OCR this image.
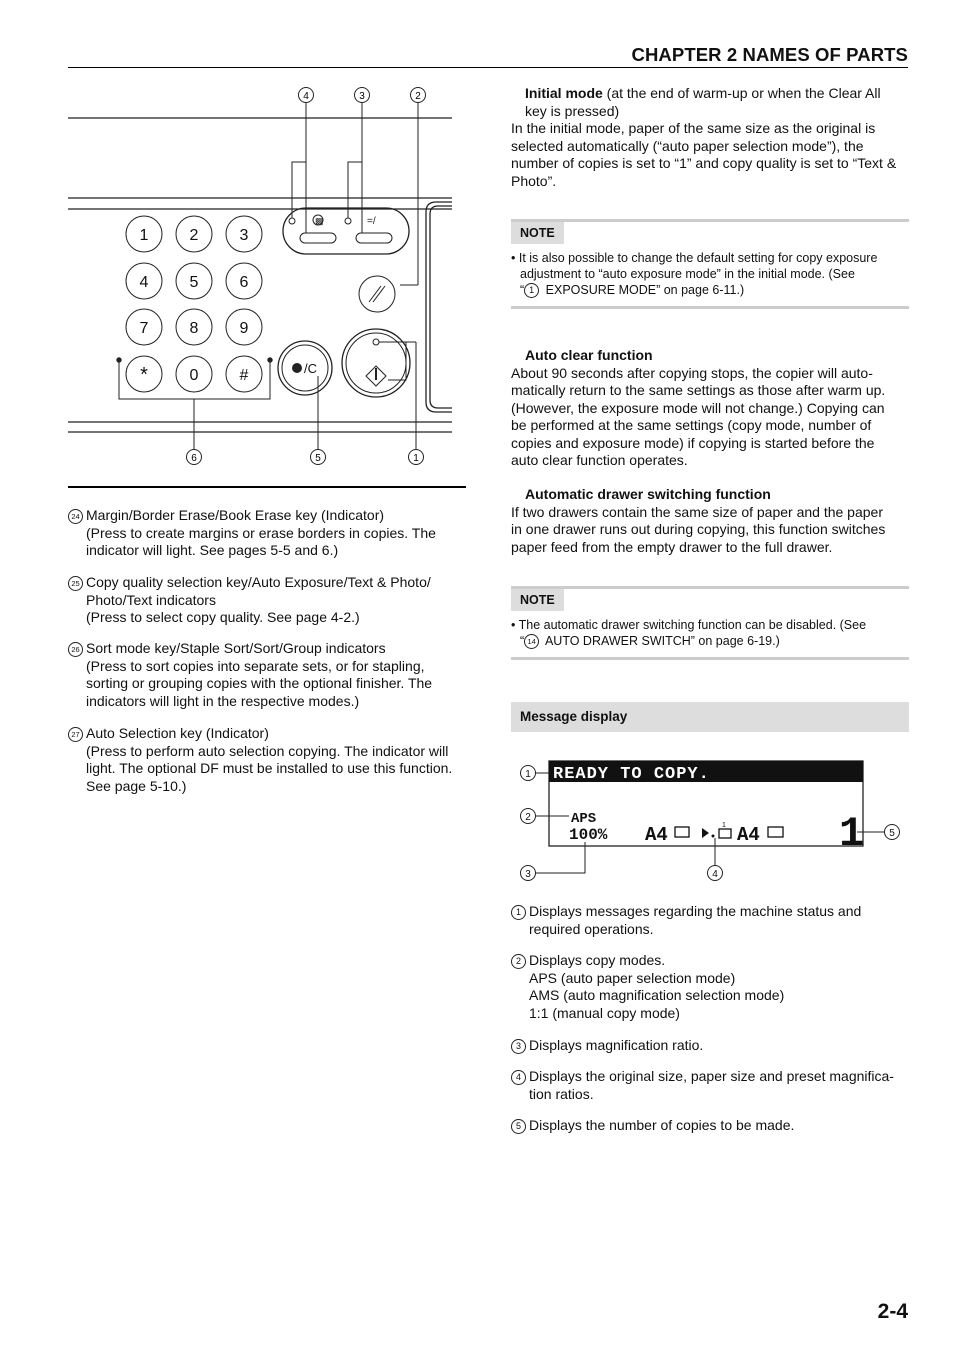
CHAPTER 2 NAMES OF PARTS
4	3	2
▩	=/
1	2	3
4	5	6
7	8	9
*	0	#	/C
6	5	1
24 Margin/Border Erase/Book Erase key (Indicator)
(Press to create margins or erase borders in copies. The
indicator will light. See pages 5-5 and 6.)
25 Copy quality selection key/Auto Exposure/Text & Photo/
Photo/Text indicators
(Press to select copy quality. See page 4-2.)
26 Sort mode key/Staple Sort/Sort/Group indicators
(Press to sort copies into separate sets, or for stapling,
sorting or grouping copies with the optional finisher. The
indicators will light in the respective modes.)
27 Auto Selection key (Indicator)
(Press to perform auto selection copying. The indicator will
light. The optional DF must be installed to use this function.
See page 5-10.)
Initial mode (at the end of warm-up or when the Clear All
key is pressed)
In the initial mode, paper of the same size as the original is
selected automatically (“auto paper selection mode”), the
number of copies is set to “1” and copy quality is set to “Text &
Photo”.
NOTE
• It is also possible to change the default setting for copy exposure
adjustment to “auto exposure mode” in the initial mode. (See
“ 1 EXPOSURE MODE” on page 6-11.)
Auto clear function
About 90 seconds after copying stops, the copier will auto-
matically return to the same settings as those after warm up.
(However, the exposure mode will not change.) Copying can
be performed at the same settings (copy mode, number of
copies and exposure mode) if copying is started before the
auto clear function operates.
Automatic drawer switching function
If two drawers contain the same size of paper and the paper
in one drawer runs out during copying, this function switches
paper feed from the empty drawer to the full drawer.
NOTE
• The automatic drawer switching function can be disabled. (See
“ 14 AUTO DRAWER SWITCH” on page 6-19.)
Message display
READY TO COPY.
APS
100% A4	1 A4 1
1
2
3	4
5
1 Displays messages regarding the machine status and
required operations.
2 Displays copy modes.
APS (auto paper selection mode)
AMS (auto magnification selection mode)
1:1 (manual copy mode)
3 Displays magnification ratio.
4 Displays the original size, paper size and preset magnifica-
tion ratios.
5 Displays the number of copies to be made.
2-4
